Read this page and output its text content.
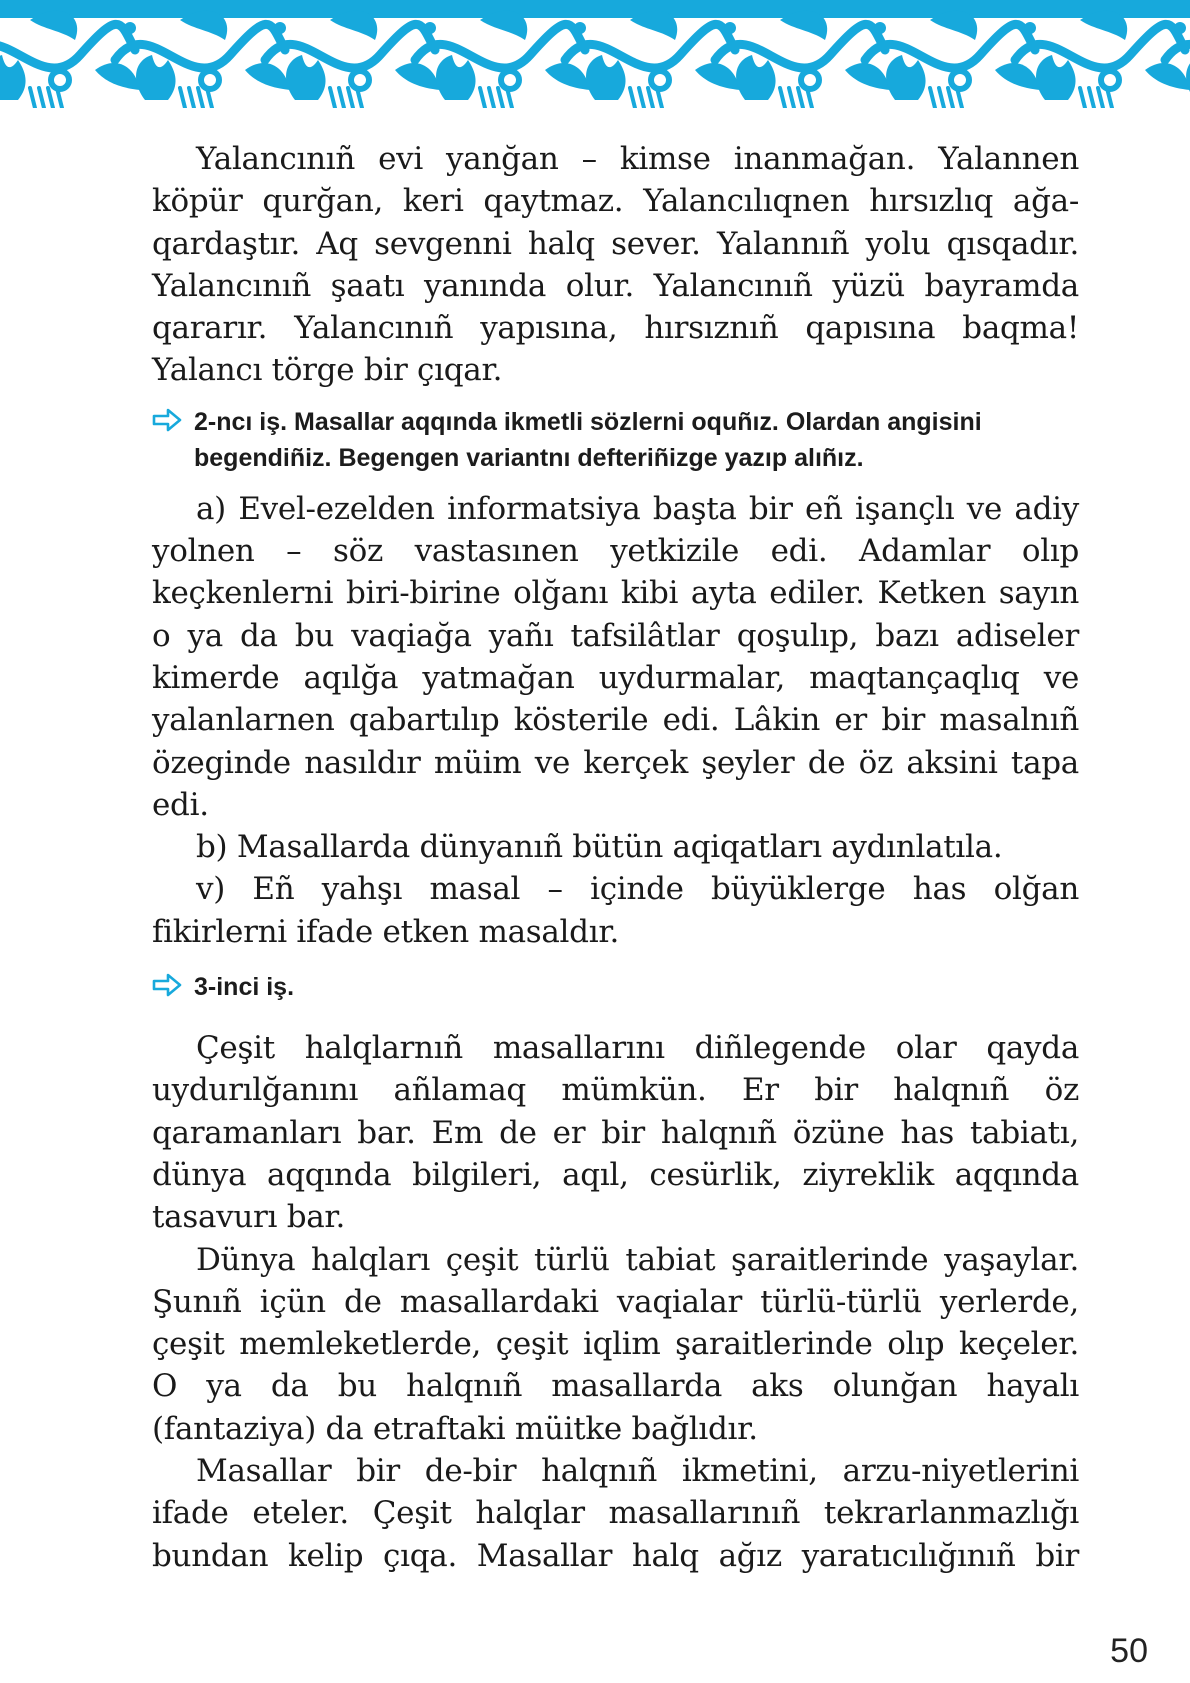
Yalancınıñ evi yanğan – kimse inanmağan. Yalannen köpür qurğan, keri qaytmaz. Yalancılıqnen hırsızlıq ağa-qardaştır. Aq sevgenni halq sever. Yalannıñ yolu qısqadır. Yalancınıñ şaatı yanında olur. Yalancınıñ yüzü bayramda qararır. Yalancınıñ yapısına, hırsıznıñ qapısına baqma! Yalancı törge bir çıqar.

2-ncı iş. Masallar aqqında ikmetli sözlerni oquñız. Olardan angisini begendiñiz. Begengen variantnı defteriñizge yazıp alıñız.

a) Evel-ezelden informatsiya başta bir eñ işançlı ve adiy yolnen – söz vastasınen yetkizile edi. Adamlar olıp keçkenlerni biri-birine olğanı kibi ayta ediler. Ketken sayın o ya da bu vaqiağa yañı tafsilâtlar qoşulıp, bazı adiseler kimerde aqılğa yatmağan uydurmalar, maqtançaqlıq ve yalanlarnen qabartılıp kösterile edi. Lâkin er bir masalnıñ özeginde nasıldır müim ve kerçek şeyler de öz aksini tapa edi.

b) Masallarda dünyanıñ bütün aqiqatları aydınlatıla.

v) Eñ yahşı masal – içinde büyüklerge has olğan fikirlerni ifade etken masaldır.

3-inci iş.

Çeşit halqlarnıñ masallarını diñlegende olar qayda uydurılğanını añlamaq mümkün. Er bir halqnıñ öz qaramanları bar. Em de er bir halqnıñ özüne has tabiatı, dünya aqqında bilgileri, aqıl, cesürlik, ziyreklik aqqında tasavurı bar.

Dünya halqları çeşit türlü tabiat şaraitlerinde yaşaylar. Şunıñ içün de masallardaki vaqialar türlü-türlü yerlerde, çeşit memleketlerde, çeşit iqlim şaraitlerinde olıp keçeler. O ya da bu halqnıñ masallarda aks olunğan hayalı (fantaziya) da etraftaki müitke bağlıdır.

Masallar bir de-bir halqnıñ ikmetini, arzu-niyetlerini ifade eteler. Çeşit halqlar masallarınıñ tekrarlanmazlığı bundan kelip çıqa. Masallar halq ağız yaratıcılığınıñ bir

50
